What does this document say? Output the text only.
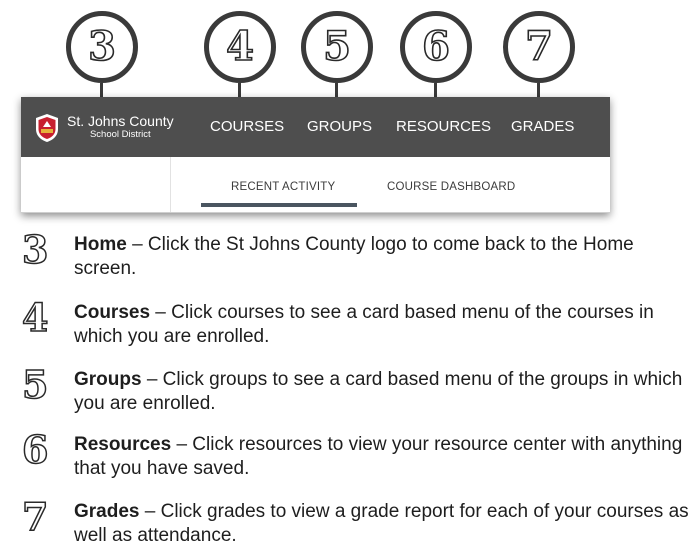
3	4 5 6 7
St. Johns County
School District	COURSES GROUPS RESOURCES GRADES
RECENT ACTIVITY	COURSE DASHBOARD
3 Home – Click the St Johns County logo to come back to the Home screen.
4 Courses – Click courses to see a card based menu of the courses in which you are enrolled.
5 Groups – Click groups to see a card based menu of the groups in which you are enrolled.
6 Resources – Click resources to view your resource center with anything that you have saved.
7 Grades – Click grades to view a grade report for each of your courses as well as attendance.
